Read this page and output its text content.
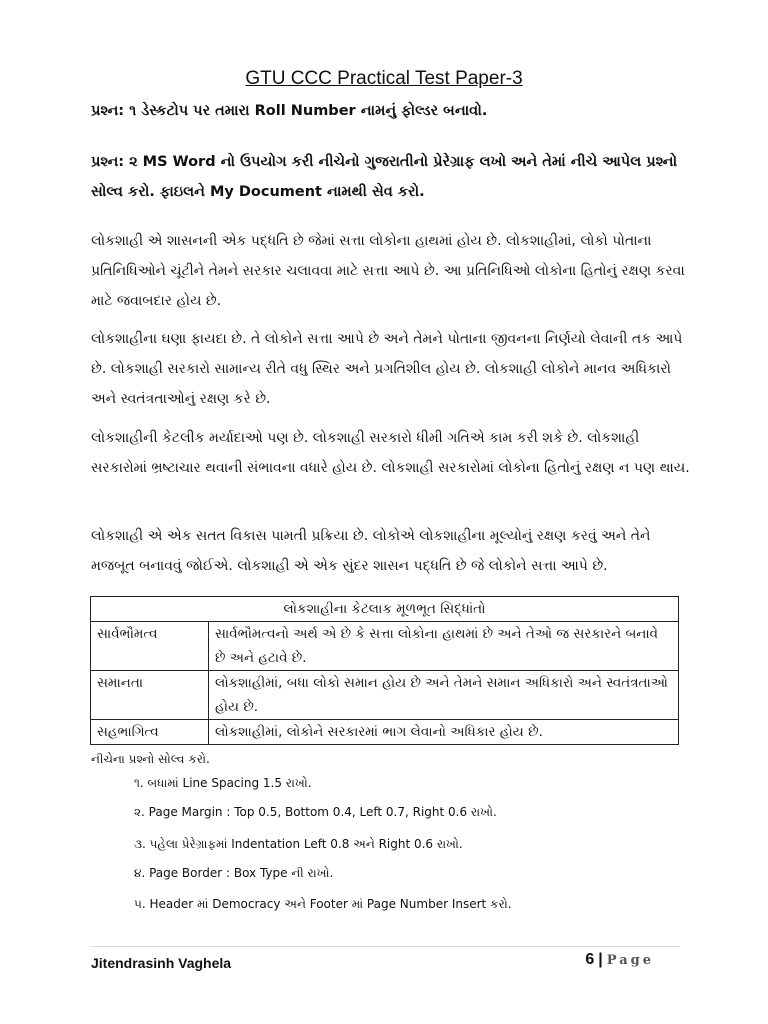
GTU CCC Practical Test Paper-3
પ્રશ્ન: ૧ ડેસ્કટોપ પર તમારા Roll Number નામનું ફોલ્ડર બનાવો.
પ્રશ્ન: ૨ MS Word નો ઉપયોગ કરી નીચેનો ગુજરાતીનો પ્રેરેગ્રાફ લખો અને તેમાં નીચે આપેલ પ્રશ્નો સોલ્વ કરો. ફાઇલને My Document નામથી સેવ કરો.

લોકશાહી એ શાસનની એક પદ્ધતિ છે જેમાં સત્તા લોકોના હાથમાં હોય છે. લોકશાહીમાં, લોકો પોતાના પ્રતિનિધિઓને ચૂંટીને તેમને સરકાર ચલાવવા માટે સત્તા આપે છે. આ પ્રતિનિધિઓ લોકોના હિતોનું રક્ષણ કરવા માટે જવાબદાર હોય છે.

લોકશાહીના ઘણા ફાયદા છે. તે લોકોને સત્તા આપે છે અને તેમને પોતાના જીવનના નિર્ણયો લેવાની તક આપે છે. લોકશાહી સરકારો સામાન્ય રીતે વધુ સ્થિર અને પ્રગતિશીલ હોય છે. લોકશાહી લોકોને માનવ અધિકારો અને સ્વતંત્રતાઓનું રક્ષણ કરે છે.

લોકશાહીની કેટલીક મર્યાદાઓ પણ છે. લોકશાહી સરકારો ધીમી ગતિએ કામ કરી શકે છે. લોકશાહી સરકારોમાં ભ્રષ્ટાચાર થવાની સંભાવના વધારે હોય છે. લોકશાહી સરકારોમાં લોકોના હિતોનું રક્ષણ ન પણ થાય.

લોકશાહી એ એક સતત વિકાસ પામતી પ્રક્રિયા છે. લોકોએ લોકશાહીના મૂલ્યોનું રક્ષણ કરવું અને તેને મજબૂત બનાવવું જોઈએ. લોકશાહી એ એક સુંદર શાસન પદ્ધતિ છે જે લોકોને સત્તા આપે છે.

લોકશાહીના કેટલાક મૂળભૂત સિદ્ધાંતો	
સાર્વભૌમત્વ	સાર્વભૌમત્વનો અર્થ એ છે કે સત્તા લોકોના હાથમાં છે અને તેઓ જ સરકારને બનાવે છે અને હટાવે છે.
સમાનતા	લોકશાહીમાં, બધા લોકો સમાન હોય છે અને તેમને સમાન અધિકારો અને સ્વતંત્રતાઓ હોય છે.
સહભાગિત્વ	લોકશાહીમાં, લોકોને સરકારમાં ભાગ લેવાનો અધિકાર હોય છે.
નીચેના પ્રશ્નો સોલ્વ કરો.
૧. બધામાં Line Spacing 1.5 રાખો.
૨. Page Margin : Top 0.5, Bottom 0.4, Left 0.7, Right 0.6 રાખો.
૩. પહેલા પ્રેરેગ્રાફમાં Indentation Left 0.8 અને Right 0.6 રાખો.
૪. Page Border : Box Type ની રાખો.
૫. Header માં Democracy અને Footer માં Page Number Insert કરો.
Jitendrasinh Vaghela	6 | Page
